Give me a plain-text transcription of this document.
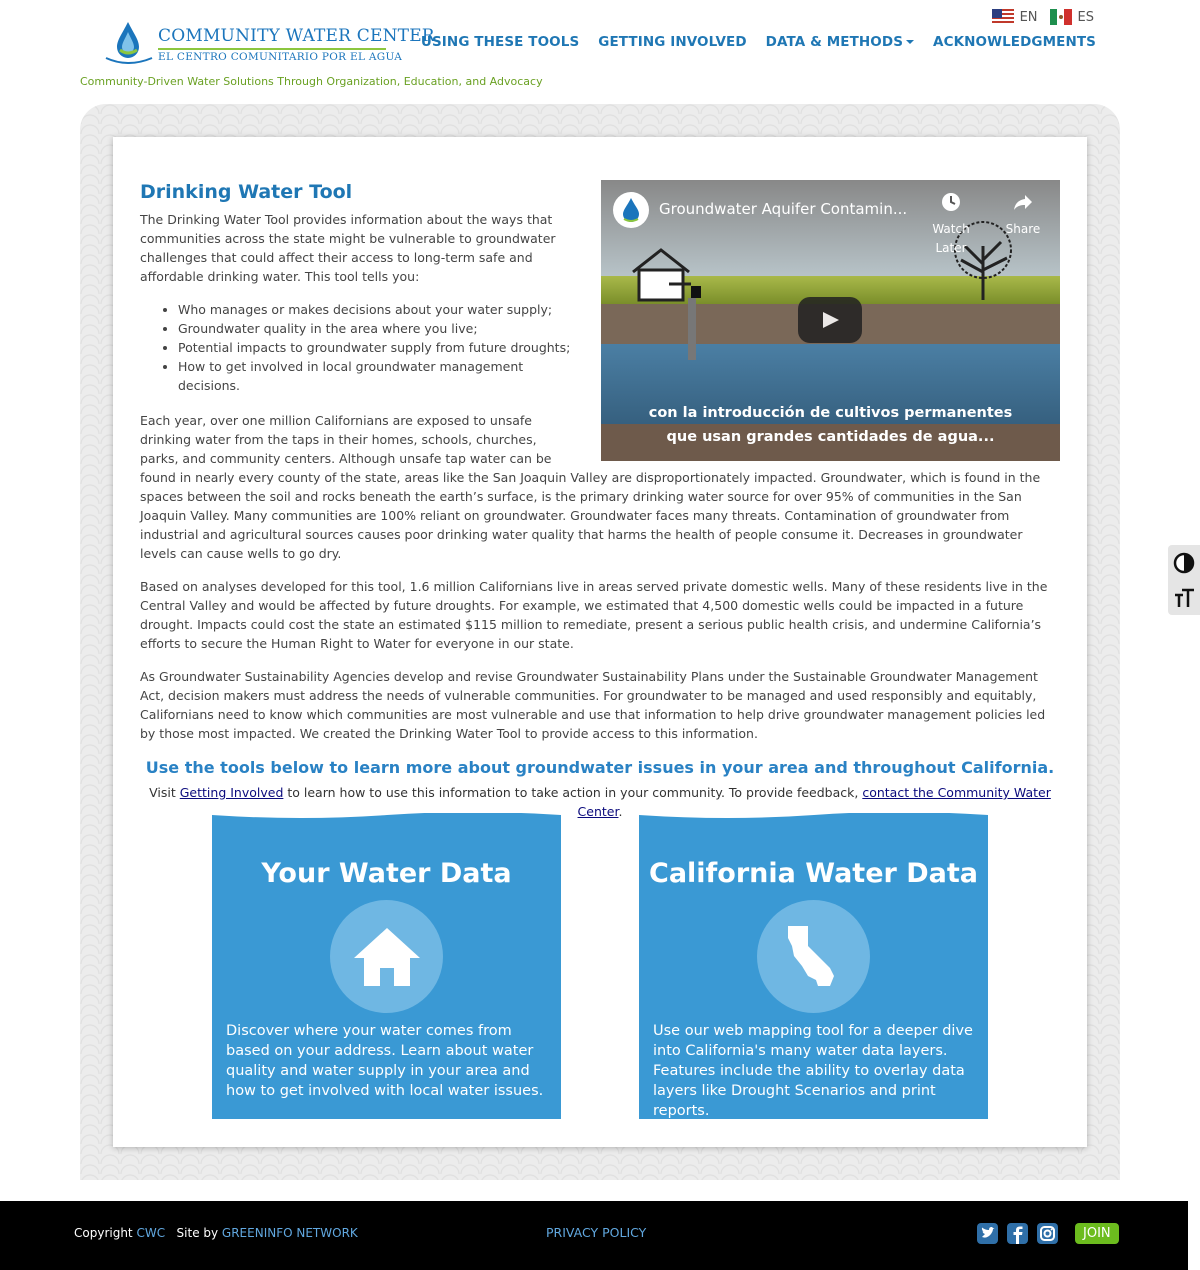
COMMUNITY WATER CENTER
EL CENTRO COMUNITARIO POR EL AGUA
Community-Driven Water Solutions Through Organization, Education, and Advocacy
EN	ES
USING THESE TOOLS GETTING INVOLVED DATA & METHODS	ACKNOWLEDGMENTS
Groundwater Aquifer Contamin...
Watch Later
Share
con la introducción de cultivos permanentes
que usan grandes cantidades de agua...
Drinking Water Tool

The Drinking Water Tool provides information about the ways that communities across the state might be vulnerable to groundwater challenges that could affect their access to long-term safe and affordable drinking water. This tool tells you:

• Who manages or makes decisions about your water supply;
• Groundwater quality in the area where you live;
• Potential impacts to groundwater supply from future droughts;
• How to get involved in local groundwater management decisions.

Each year, over one million Californians are exposed to unsafe drinking water from the taps in their homes, schools, churches, parks, and community centers. Although unsafe tap water can be found in nearly every county of the state, areas like the San Joaquin Valley are disproportionately impacted. Groundwater, which is found in the spaces between the soil and rocks beneath the earth’s surface, is the primary drinking water source for over 95% of communities in the San Joaquin Valley. Many communities are 100% reliant on groundwater. Groundwater faces many threats. Contamination of groundwater from industrial and agricultural sources causes poor drinking water quality that harms the health of people consume it. Decreases in groundwater levels can cause wells to go dry.

Based on analyses developed for this tool, 1.6 million Californians live in areas served private domestic wells. Many of these residents live in the Central Valley and would be affected by future droughts. For example, we estimated that 4,500 domestic wells could be impacted in a future drought. Impacts could cost the state an estimated $115 million to remediate, present a serious public health crisis, and undermine California’s efforts to secure the Human Right to Water for everyone in our state.

As Groundwater Sustainability Agencies develop and revise Groundwater Sustainability Plans under the Sustainable Groundwater Management Act, decision makers must address the needs of vulnerable communities. For groundwater to be managed and used responsibly and equitably, Californians need to know which communities are most vulnerable and use that information to help drive groundwater management policies led by those most impacted. We created the Drinking Water Tool to provide access to this information.

Use the tools below to learn more about groundwater issues in your area and throughout California.
Visit Getting Involved to learn how to use this information to take action in your community. To provide feedback, contact the Community Water Center.
Your Water Data
Discover where your water comes from based on your address. Learn about water quality and water supply in your area and how to get involved with local water issues.
California Water Data
Use our web mapping tool for a deeper dive into California's many water data layers. Features include the ability to overlay data layers like Drought Scenarios and print reports.
Copyright CWC Site by GREENINFO NETWORK	PRIVACY POLICY	JOIN
